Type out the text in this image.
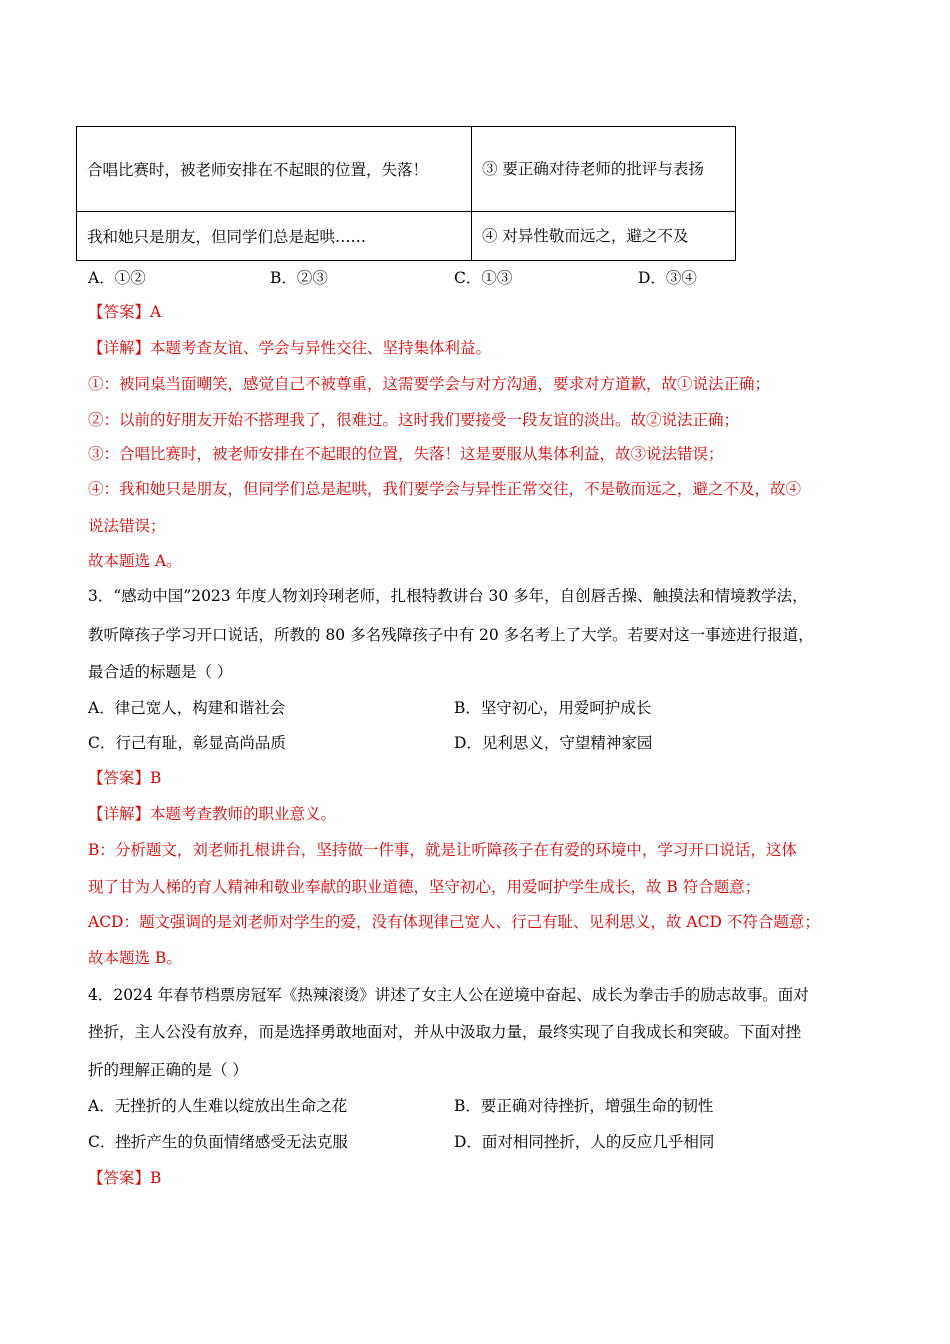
合唱比赛时，被老师安排在不起眼的位置，失落！	③ 要正确对待老师的批评与表扬
我和她只是朋友，但同学们总是起哄……	④ 对异性敬而远之，避之不及
A．①②	B．②③	C．①③	D．③④
【答案】A
【详解】本题考查友谊、学会与异性交往、坚持集体利益。
①：被同桌当面嘲笑，感觉自己不被尊重，这需要学会与对方沟通，要求对方道歉，故①说法正确；
②：以前的好朋友开始不搭理我了，很难过。这时我们要接受一段友谊的淡出。故②说法正确；
③：合唱比赛时，被老师安排在不起眼的位置，失落！这是要服从集体利益，故③说法错误；
④：我和她只是朋友，但同学们总是起哄，我们要学会与异性正常交往，不是敬而远之，避之不及，故④
说法错误；
故本题选 A。
3．“感动中国”2023 年度人物刘玲琍老师，扎根特教讲台 30 多年，自创唇舌操、触摸法和情境教学法，
教听障孩子学习开口说话，所教的 80 多名残障孩子中有 20 多名考上了大学。若要对这一事迹进行报道，
最合适的标题是（ ）
A．律己宽人，构建和谐社会	B．坚守初心，用爱呵护成长
C．行己有耻，彰显高尚品质	D．见利思义，守望精神家园
【答案】B
【详解】本题考查教师的职业意义。
B：分析题文，刘老师扎根讲台，坚持做一件事，就是让听障孩子在有爱的环境中，学习开口说话，这体
现了甘为人梯的育人精神和敬业奉献的职业道德，坚守初心，用爱呵护学生成长，故 B 符合题意；
ACD：题文强调的是刘老师对学生的爱，没有体现律己宽人、行己有耻、见利思义，故 ACD 不符合题意；
故本题选 B。
4．2024 年春节档票房冠军《热辣滚烫》讲述了女主人公在逆境中奋起、成长为拳击手的励志故事。面对
挫折，主人公没有放弃，而是选择勇敢地面对，并从中汲取力量，最终实现了自我成长和突破。下面对挫
折的理解正确的是（ ）
A．无挫折的人生难以绽放出生命之花	B．要正确对待挫折，增强生命的韧性
C．挫折产生的负面情绪感受无法克服	D．面对相同挫折，人的反应几乎相同
【答案】B
